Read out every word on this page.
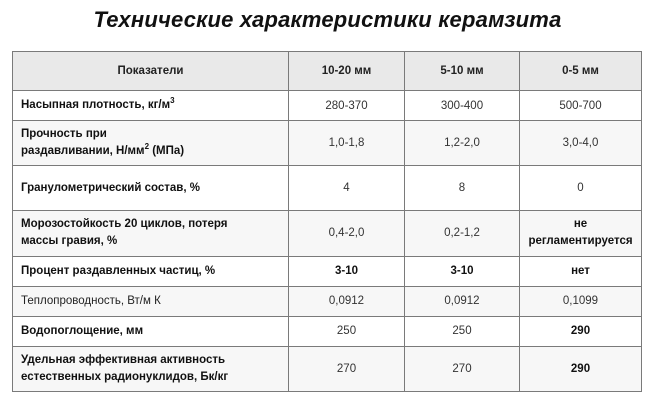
Технические характеристики керамзита
Показатели	10-20 мм	5-10 мм	0-5 мм
Насыпная плотность, $кг/м^3$	280-370	300-400	500-700
Прочность при
раздавливании, $Н/мм^2$ (МПа)	1,0-1,8	1,2-2,0	3,0-4,0
Гранулометрический состав, %	4	8	0
Морозостойкость 20 циклов, потеря
массы гравия, %	0,4-2,0	0,2-1,2	не
регламентируется
Процент раздавленных частиц, %	3-10	3-10	нет
Теплопроводность, Вт/м К	0,0912	0,0912	0,1099
Водопоглощение, мм	250	250	290
Удельная эффективная активность
естественных радионуклидов, Бк/кг	270	270	290
